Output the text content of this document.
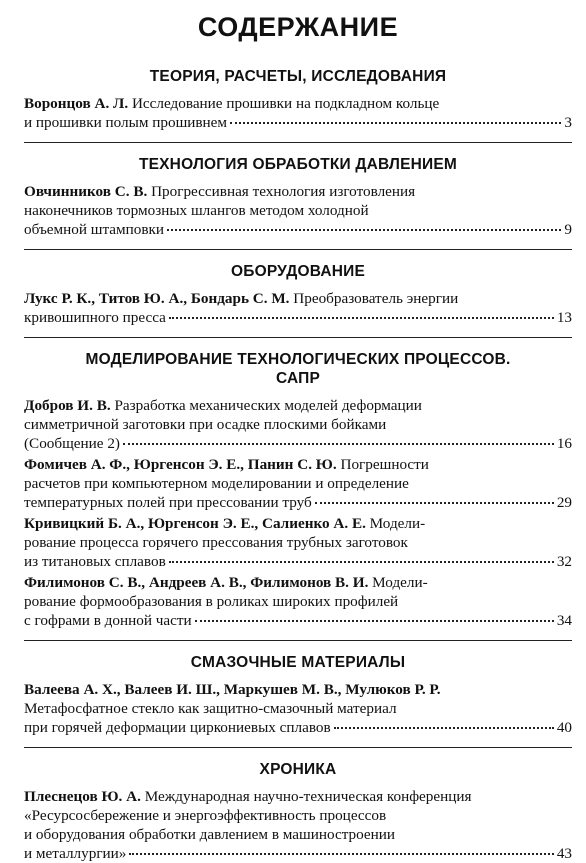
СОДЕРЖАНИЕ
ТЕОРИЯ, РАСЧЕТЫ, ИССЛЕДОВАНИЯ
Воронцов А. Л. Исследование прошивки на подкладном кольце
и прошивки полым прошивнем	3
ТЕХНОЛОГИЯ ОБРАБОТКИ ДАВЛЕНИЕМ
Овчинников С. В. Прогрессивная технология изготовления
наконечников тормозных шлангов методом холодной
объемной штамповки	9
ОБОРУДОВАНИЕ
Лукс Р. К., Титов Ю. А., Бондарь С. М. Преобразователь энергии
кривошипного пресса	13
МОДЕЛИРОВАНИЕ ТЕХНОЛОГИЧЕСКИХ ПРОЦЕССОВ.
САПР
Добров И. В. Разработка механических моделей деформации
симметричной заготовки при осадке плоскими бойками
(Сообщение 2)	16
Фомичев А. Ф., Юргенсон Э. Е., Панин С. Ю. Погрешности
расчетов при компьютерном моделировании и определение
температурных полей при прессовании труб	29
Кривицкий Б. А., Юргенсон Э. Е., Салиенко А. Е. Модели-
рование процесса горячего прессования трубных заготовок
из титановых сплавов	32
Филимонов С. В., Андреев А. В., Филимонов В. И. Модели-
рование формообразования в роликах широких профилей
с гофрами в донной части	34
СМАЗОЧНЫЕ МАТЕРИАЛЫ
Валеева А. Х., Валеев И. Ш., Маркушев М. В., Мулюков Р. Р.
Метафосфатное стекло как защитно-смазочный материал
при горячей деформации циркониевых сплавов	40
ХРОНИКА
Плеснецов Ю. А. Международная научно-техническая конференция
«Ресурсосбережение и энергоэффективность процессов
и оборудования обработки давлением в машиностроении
и металлургии»	43
